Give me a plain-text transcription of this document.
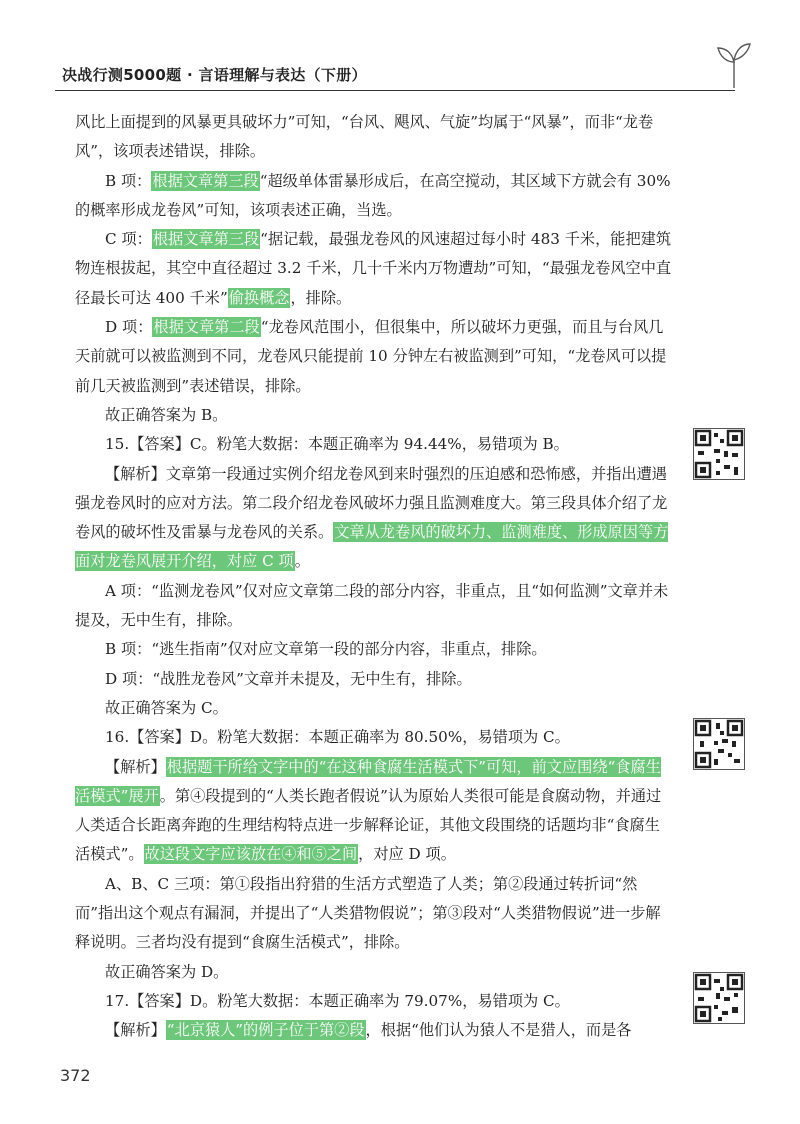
决战行测5000题 · 言语理解与表达（下册）

风比上面提到的风暴更具破坏力”可知，“台风、飓风、气旋”均属于“风暴”，而非“龙卷风”，该项表述错误，排除。

B 项：根据文章第三段“超级单体雷暴形成后，在高空搅动，其区域下方就会有 30% 的概率形成龙卷风”可知，该项表述正确，当选。

C 项：根据文章第三段“据记载，最强龙卷风的风速超过每小时 483 千米，能把建筑物连根拔起，其空中直径超过 3.2 千米，几十千米内万物遭劫”可知，“最强龙卷风空中直径最长可达 400 千米”偷换概念，排除。

D 项：根据文章第二段“龙卷风范围小，但很集中，所以破坏力更强，而且与台风几天前就可以被监测到不同，龙卷风只能提前 10 分钟左右被监测到”可知，“龙卷风可以提前几天被监测到”表述错误，排除。

故正确答案为 B。

15.【答案】C。粉笔大数据：本题正确率为 94.44%，易错项为 B。

【解析】文章第一段通过实例介绍龙卷风到来时强烈的压迫感和恐怖感，并指出遭遇强龙卷风时的应对方法。第二段介绍龙卷风破坏力强且监测难度大。第三段具体介绍了龙卷风的破坏性及雷暴与龙卷风的关系。文章从龙卷风的破坏力、监测难度、形成原因等方面对龙卷风展开介绍，对应 C 项。

A 项：“监测龙卷风”仅对应文章第二段的部分内容，非重点，且“如何监测”文章并未提及，无中生有，排除。

B 项：“逃生指南”仅对应文章第一段的部分内容，非重点，排除。

D 项：“战胜龙卷风”文章并未提及，无中生有，排除。

故正确答案为 C。

16.【答案】D。粉笔大数据：本题正确率为 80.50%，易错项为 C。

【解析】根据题干所给文字中的“在这种食腐生活模式下”可知，前文应围绕“食腐生活模式”展开。第④段提到的“人类长跑者假说”认为原始人类很可能是食腐动物，并通过人类适合长距离奔跑的生理结构特点进一步解释论证，其他文段围绕的话题均非“食腐生活模式”。故这段文字应该放在④和⑤之间，对应 D 项。

A、B、C 三项：第①段指出狩猎的生活方式塑造了人类；第②段通过转折词“然而”指出这个观点有漏洞，并提出了“人类猎物假说”；第③段对“人类猎物假说”进一步解释说明。三者均没有提到“食腐生活模式”，排除。

故正确答案为 D。

17.【答案】D。粉笔大数据：本题正确率为 79.07%，易错项为 C。

【解析】“北京猿人”的例子位于第②段，根据“他们认为猿人不是猎人，而是各

372
